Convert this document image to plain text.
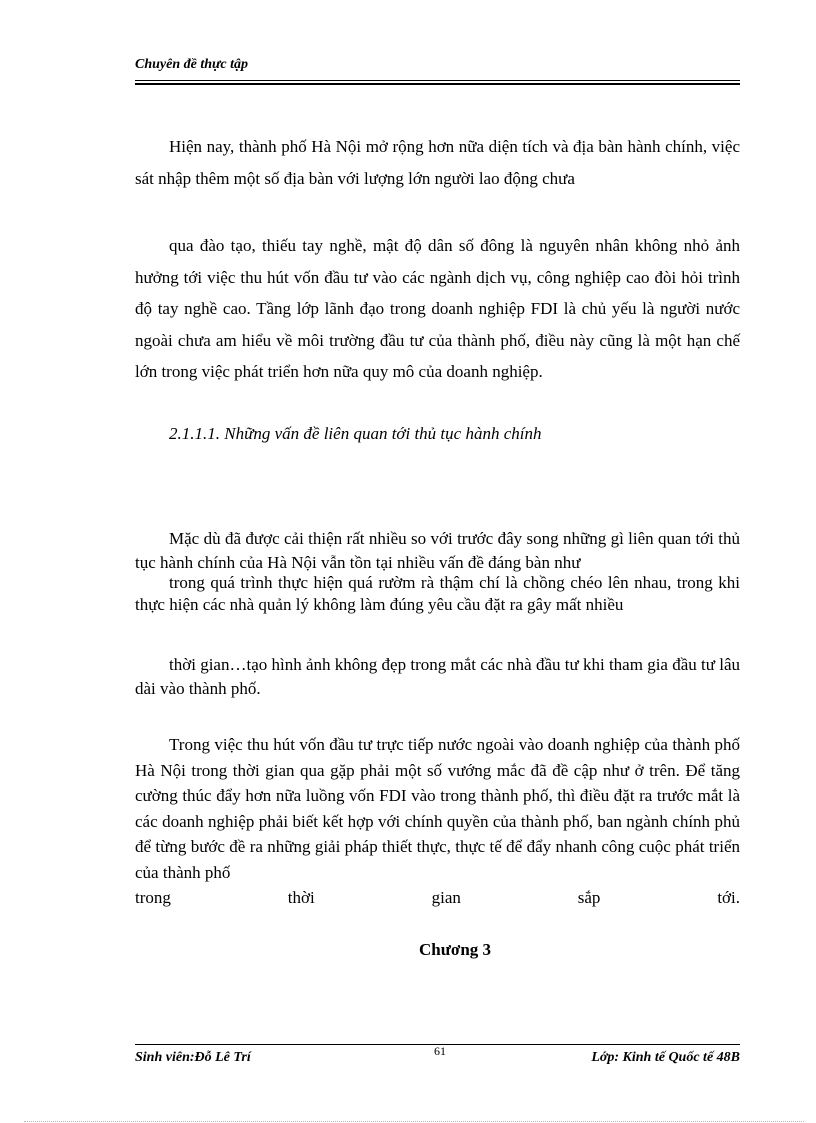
Chuyên đề thực tập

Hiện nay, thành phố Hà Nội mở rộng hơn nữa diện tích và địa bàn hành chính, việc sát nhập thêm một số địa bàn với lượng lớn người lao động chưa

qua đào tạo, thiếu tay nghề, mật độ dân số đông là nguyên nhân không nhỏ ảnh hưởng tới việc thu hút vốn đầu tư vào các ngành dịch vụ, công nghiệp cao đòi hỏi trình độ tay nghề cao. Tầng lớp lãnh đạo trong doanh nghiệp FDI là chủ yếu là người nước ngoài chưa am hiểu về môi trường đầu tư của thành phố, điều này cũng là một hạn chế lớn trong việc phát triển hơn nữa quy mô của doanh nghiệp.

2.1.1.1. Những vấn đề liên quan tới thủ tục hành chính

Mặc dù đã được cải thiện rất nhiều so với trước đây song những gì liên quan tới thủ tục hành chính của Hà Nội vẫn tồn tại nhiều vấn đề đáng bàn như

trong quá trình thực hiện quá rườm rà thậm chí là chồng chéo lên nhau, trong khi thực hiện các nhà quản lý không làm đúng yêu cầu đặt ra gây mất nhiều

thời gian…tạo hình ảnh không đẹp trong mắt các nhà đầu tư khi tham gia đầu tư lâu dài vào thành phố.

Trong việc thu hút vốn đầu tư trực tiếp nước ngoài vào doanh nghiệp của thành phố Hà Nội trong thời gian qua gặp phải một số vướng mắc đã đề cập như ở trên. Để tăng cường thúc đẩy hơn nữa luồng vốn FDI vào trong thành phố, thì điều đặt ra trước mắt là các doanh nghiệp phải biết kết hợp với chính quyền của thành phố, ban ngành chính phủ để từng bước đề ra những giải pháp thiết thực, thực tế để đẩy nhanh công cuộc phát triển của thành phố
trong thời gian sắp tới.

Chương 3

Sinh viên:Đỗ Lê Trí	61	Lớp: Kinh tế Quốc tế 48B
